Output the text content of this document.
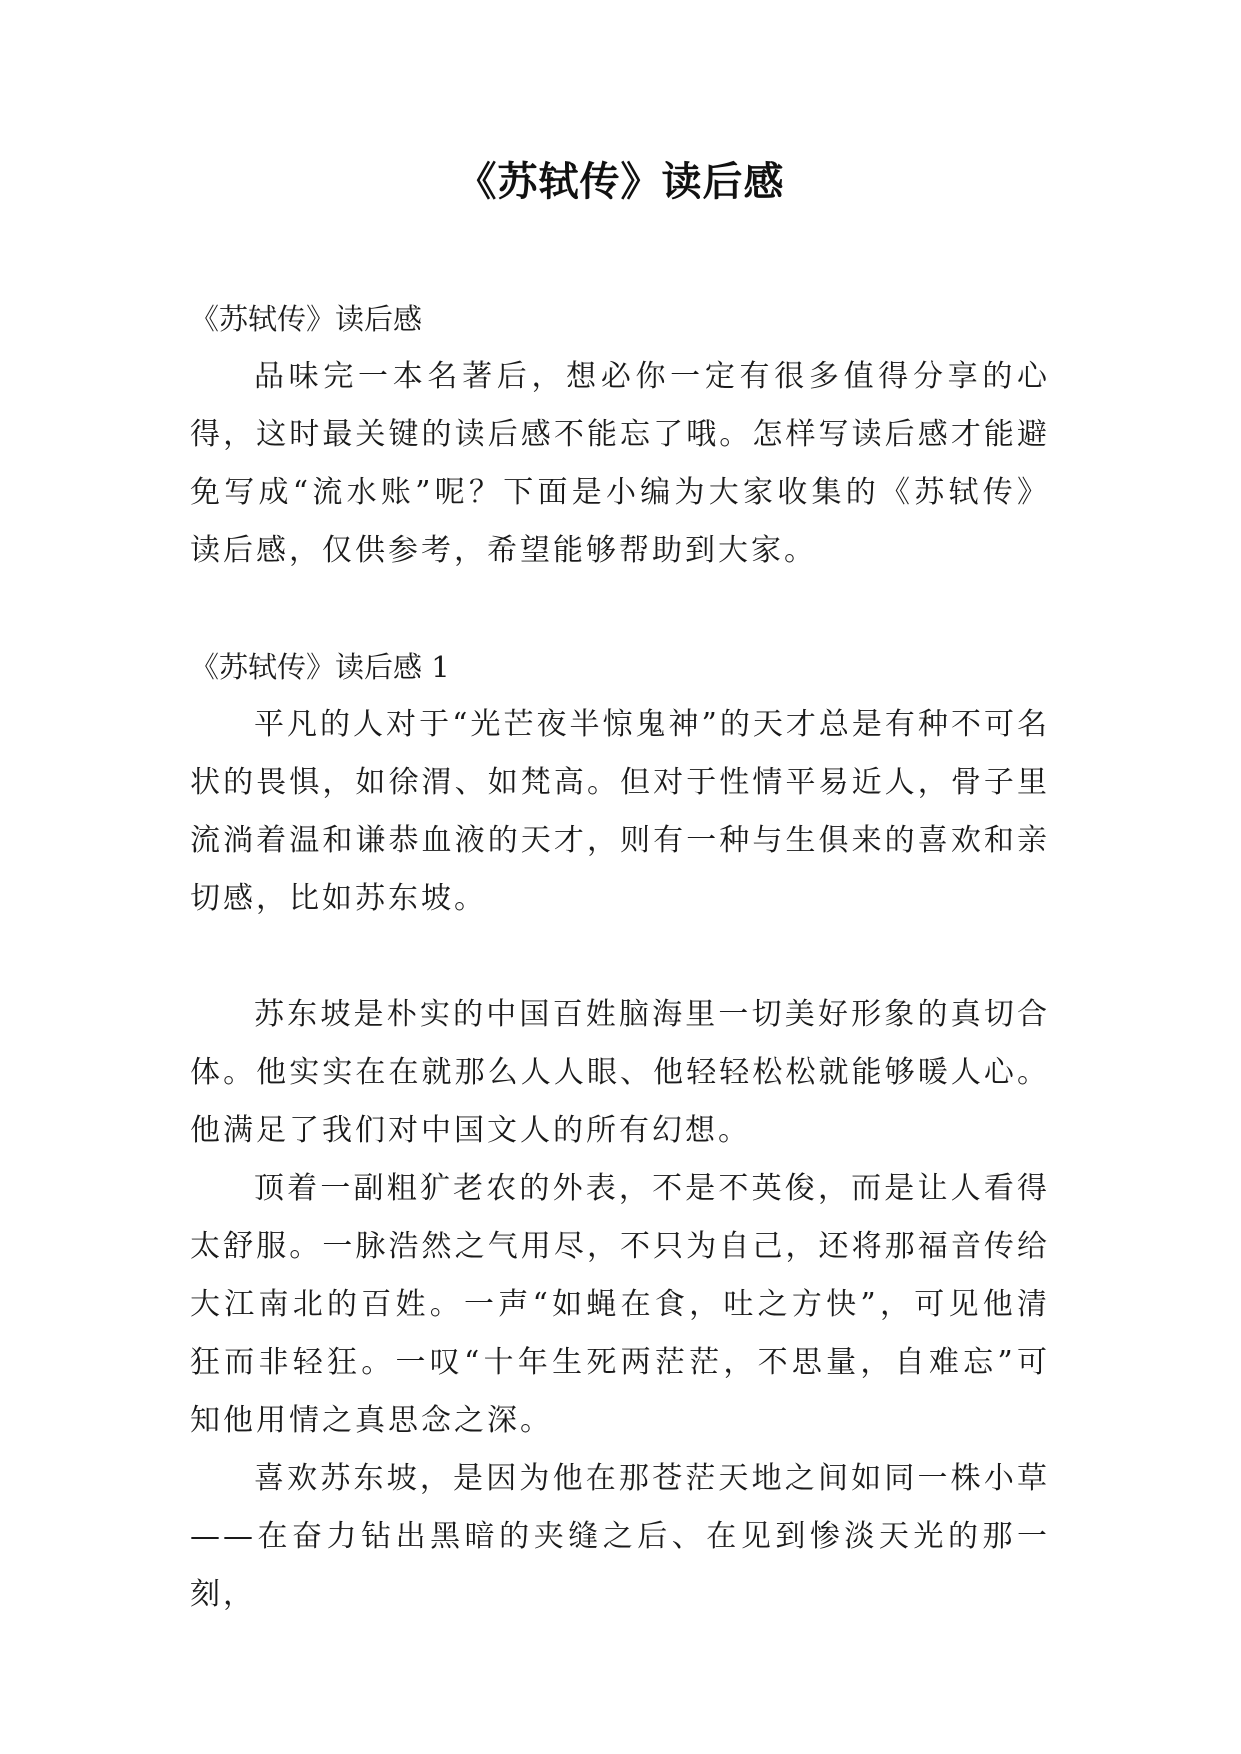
《苏轼传》读后感

《苏轼传》读后感

品味完一本名著后，想必你一定有很多值得分享的心得，这时最关键的读后感不能忘了哦。怎样写读后感才能避免写成“流水账”呢？下面是小编为大家收集的《苏轼传》读后感，仅供参考，希望能够帮助到大家。

《苏轼传》读后感 1

平凡的人对于“光芒夜半惊鬼神”的天才总是有种不可名状的畏惧，如徐渭、如梵高。但对于性情平易近人，骨子里流淌着温和谦恭血液的天才，则有一种与生俱来的喜欢和亲切感，比如苏东坡。

苏东坡是朴实的中国百姓脑海里一切美好形象的真切合体。他实实在在就那么人人眼、他轻轻松松就能够暖人心。他满足了我们对中国文人的所有幻想。

顶着一副粗犷老农的外表，不是不英俊，而是让人看得太舒服。一脉浩然之气用尽，不只为自己，还将那福音传给大江南北的百姓。一声“如蝇在食，吐之方快”，可见他清狂而非轻狂。一叹“十年生死两茫茫，不思量，自难忘”可知他用情之真思念之深。

喜欢苏东坡，是因为他在那苍茫天地之间如同一株小草——在奋力钻出黑暗的夹缝之后、在见到惨淡天光的那一刻，
